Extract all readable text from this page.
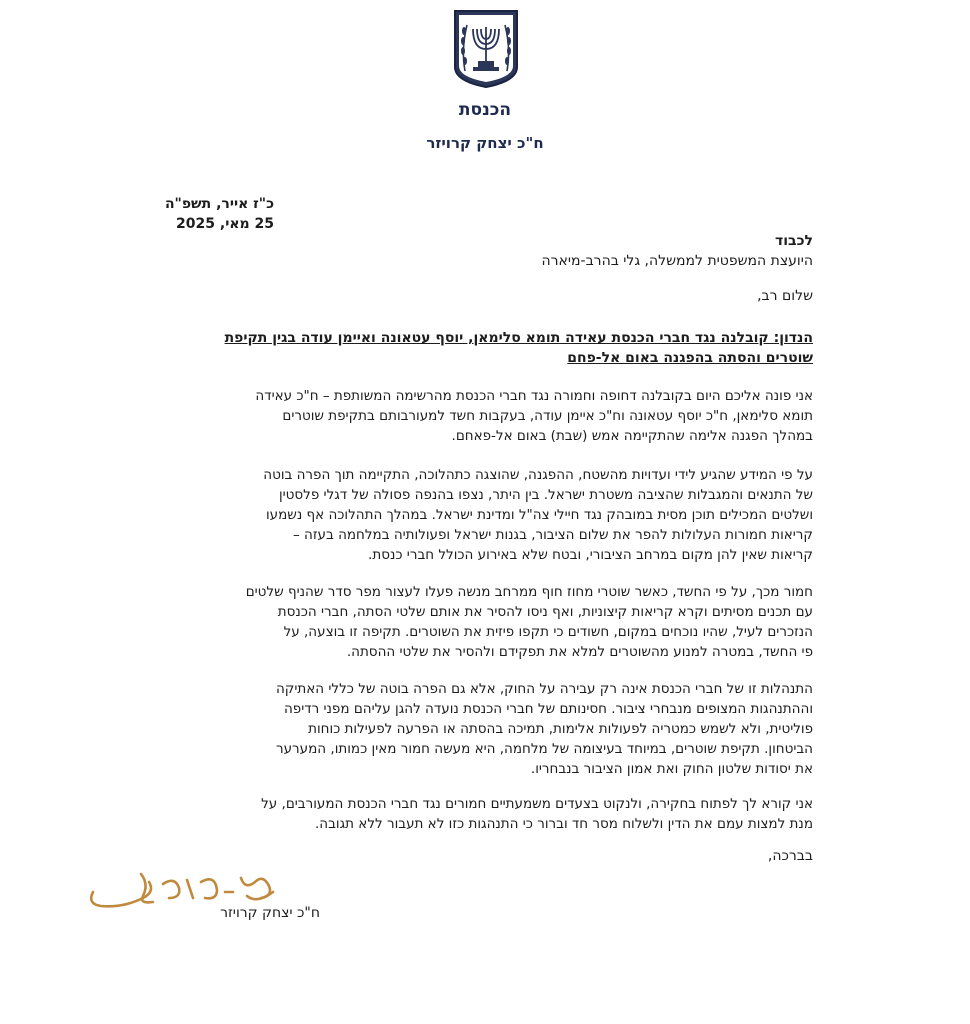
הכנסת
ח"כ יצחק קרויזר
כ"ז אייר, תשפ"ה
25 מאי, 2025
לכבוד
היועצת המשפטית לממשלה, גלי בהרב-מיארה
שלום רב,
הנדון: קובלנה נגד חברי הכנסת עאידה תומא סלימאן, יוסף עטאונה ואיימן עודה בגין תקיפת
שוטרים והסתה בהפגנה באום אל-פחם
אני פונה אליכם היום בקובלנה דחופה וחמורה נגד חברי הכנסת מהרשימה המשותפת – ח"כ עאידה
תומא סלימאן, ח"כ יוסף עטאונה וח"כ איימן עודה, בעקבות חשד למעורבותם בתקיפת שוטרים
במהלך הפגנה אלימה שהתקיימה אמש (שבת) באום אל-פאחם.
על פי המידע שהגיע לידי ועדויות מהשטח, ההפגנה, שהוצגה כתהלוכה, התקיימה תוך הפרה בוטה
של התנאים והמגבלות שהציבה משטרת ישראל. בין היתר, נצפו בהנפה פסולה של דגלי פלסטין
ושלטים המכילים תוכן מסית במובהק נגד חיילי צה"ל ומדינת ישראל. במהלך התהלוכה אף נשמעו
קריאות חמורות העלולות להפר את שלום הציבור, בגנות ישראל ופעולותיה במלחמה בעזה –
קריאות שאין להן מקום במרחב הציבורי, ובטח שלא באירוע הכולל חברי כנסת.
חמור מכך, על פי החשד, כאשר שוטרי מחוז חוף ממרחב מנשה פעלו לעצור מפר סדר שהניף שלטים
עם תכנים מסיתים וקרא קריאות קיצוניות, ואף ניסו להסיר את אותם שלטי הסתה, חברי הכנסת
הנזכרים לעיל, שהיו נוכחים במקום, חשודים כי תקפו פיזית את השוטרים. תקיפה זו בוצעה, על
פי החשד, במטרה למנוע מהשוטרים למלא את תפקידם ולהסיר את שלטי ההסתה.
התנהלות זו של חברי הכנסת אינה רק עבירה על החוק, אלא גם הפרה בוטה של כללי האתיקה
וההתנהגות המצופים מנבחרי ציבור. חסינותם של חברי הכנסת נועדה להגן עליהם מפני רדיפה
פוליטית, ולא לשמש כמטריה לפעולות אלימות, תמיכה בהסתה או הפרעה לפעילות כוחות
הביטחון. תקיפת שוטרים, במיוחד בעיצומה של מלחמה, היא מעשה חמור מאין כמותו, המערער
את יסודות שלטון החוק ואת אמון הציבור בנבחריו.
אני קורא לך לפתוח בחקירה, ולנקוט בצעדים משמעתיים חמורים נגד חברי הכנסת המעורבים, על
מנת למצות עמם את הדין ולשלוח מסר חד וברור כי התנהגות כזו לא תעבור ללא תגובה.
בברכה,
ח"כ יצחק קרויזר
